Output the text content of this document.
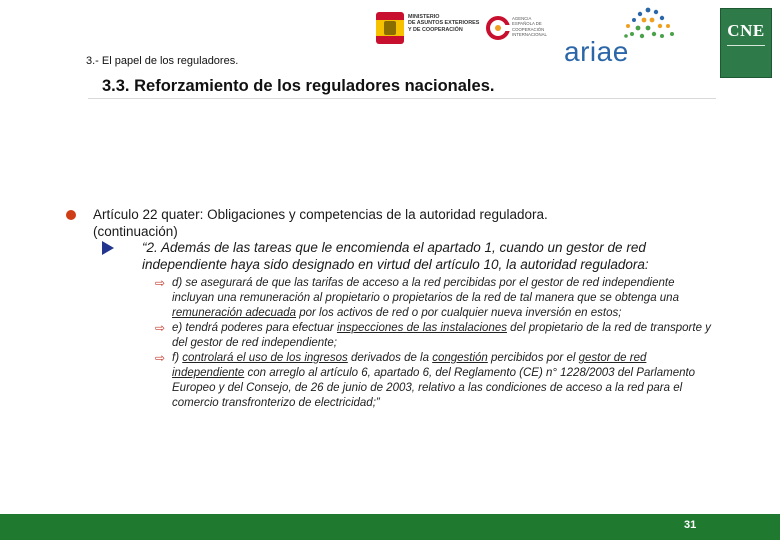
MINISTERIO
DE ASUNTOS EXTERIORES
Y DE COOPERACIÓN
AGENCIA
ESPAÑOLA DE
COOPERACIÓN
INTERNACIONAL
ariae
CNE
3.- El papel de los reguladores.
3.3. Reforzamiento de los reguladores nacionales.
Artículo 22 quater: Obligaciones y competencias de la autoridad reguladora.
(continuación)
“2. Además de las tareas que le encomienda el apartado 1, cuando un gestor de red independiente haya sido designado en virtud del artículo 10, la autoridad reguladora:
⇨ d) se asegurará de que las tarifas de acceso a la red percibidas por el gestor de red independiente incluyan una remuneración al propietario o propietarios de la red de tal manera que se obtenga una remuneración adecuada por los activos de red o por cualquier nueva inversión en estos;
⇨ e) tendrá poderes para efectuar inspecciones de las instalaciones del propietario de la red de transporte y del gestor de red independiente;
⇨ f) controlará el uso de los ingresos derivados de la congestión percibidos por el gestor de red independiente con arreglo al artículo 6, apartado 6, del Reglamento (CE) n° 1228/2003 del Parlamento Europeo y del Consejo, de 26 de junio de 2003, relativo a las condiciones de acceso a la red para el comercio transfronterizo de electricidad;”
31
